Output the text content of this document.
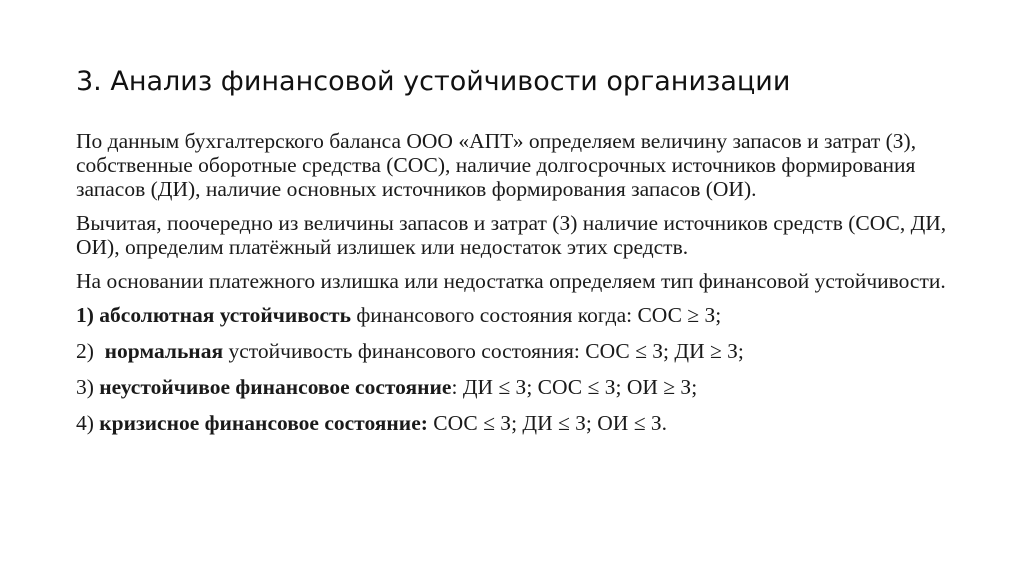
3. Анализ финансовой устойчивости организации

По данным бухгалтерского баланса ООО «АПТ» определяем величину запасов и затрат (З), собственные оборотные средства (СОС), наличие долгосрочных источников формирования запасов (ДИ), наличие основных источников формирования запасов (ОИ).

Вычитая, поочередно из величины запасов и затрат (З) наличие источников средств (СОС, ДИ, ОИ), определим платёжный излишек или недостаток этих средств.

На основании платежного излишка или недостатка определяем тип финансовой устойчивости.

1) абсолютная устойчивость финансового состояния когда: СОС ≥ З;

2) нормальная устойчивость финансового состояния: СОС ≤ З; ДИ ≥ З;

3) неустойчивое финансовое состояние: ДИ ≤ З; СОС ≤ З; ОИ ≥ З;

4) кризисное финансовое состояние: СОС ≤ З; ДИ ≤ З; ОИ ≤ З.
